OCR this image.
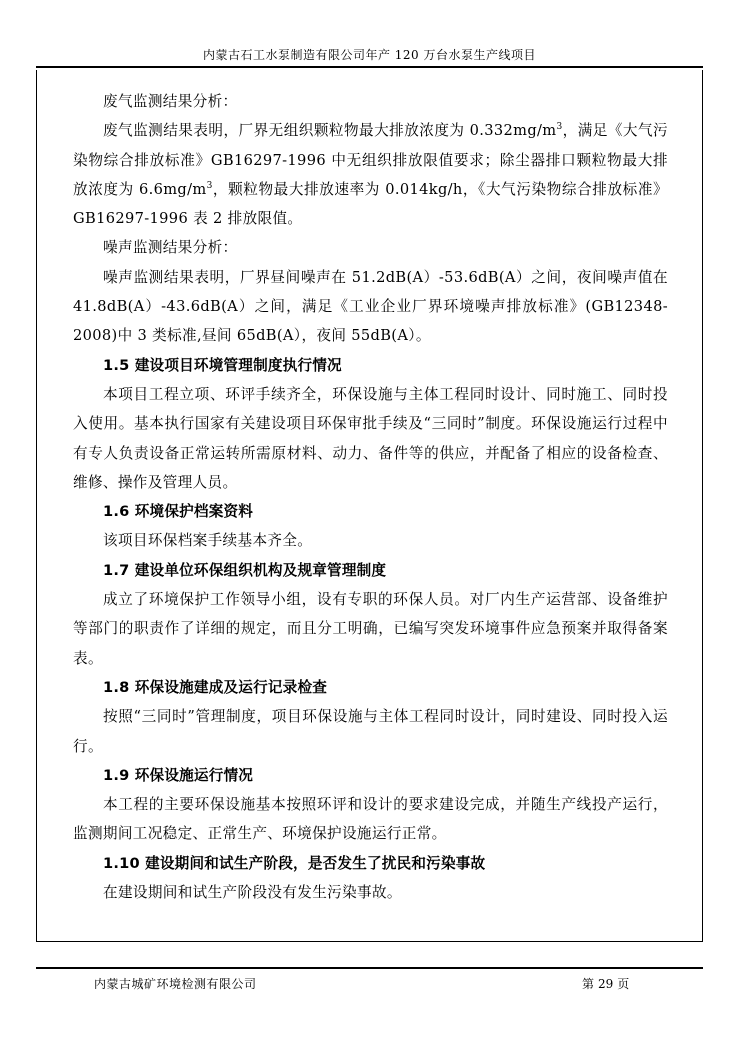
内蒙古石工水泵制造有限公司年产 120 万台水泵生产线项目

废气监测结果分析：

废气监测结果表明，厂界无组织颗粒物最大排放浓度为 $0.332mg/m^3$，满足《大气污染物综合排放标准》GB16297-1996 中无组织排放限值要求；除尘器排口颗粒物最大排放浓度为 $6.6mg/m^3$，颗粒物最大排放速率为 0.014kg/h，《大气污染物综合排放标准》GB16297-1996 表 2 排放限值。

噪声监测结果分析：

噪声监测结果表明，厂界昼间噪声在 51.2dB(A）-53.6dB(A）之间，夜间噪声值在 41.8dB(A）-43.6dB(A）之间，满足《工业企业厂界环境噪声排放标准》(GB12348-2008)中 3 类标准,昼间 65dB(A），夜间 55dB(A）。

1.5 建设项目环境管理制度执行情况

本项目工程立项、环评手续齐全，环保设施与主体工程同时设计、同时施工、同时投入使用。基本执行国家有关建设项目环保审批手续及“三同时”制度。环保设施运行过程中有专人负责设备正常运转所需原材料、动力、备件等的供应，并配备了相应的设备检查、维修、操作及管理人员。

1.6 环境保护档案资料

该项目环保档案手续基本齐全。

1.7 建设单位环保组织机构及规章管理制度

成立了环境保护工作领导小组，设有专职的环保人员。对厂内生产运营部、设备维护等部门的职责作了详细的规定，而且分工明确，已编写突发环境事件应急预案并取得备案表。

1.8 环保设施建成及运行记录检查

按照“三同时”管理制度，项目环保设施与主体工程同时设计，同时建设、同时投入运行。

1.9 环保设施运行情况

本工程的主要环保设施基本按照环评和设计的要求建设完成，并随生产线投产运行，监测期间工况稳定、正常生产、环境保护设施运行正常。

1.10 建设期间和试生产阶段，是否发生了扰民和污染事故

在建设期间和试生产阶段没有发生污染事故。

内蒙古城矿环境检测有限公司	第 29 页
